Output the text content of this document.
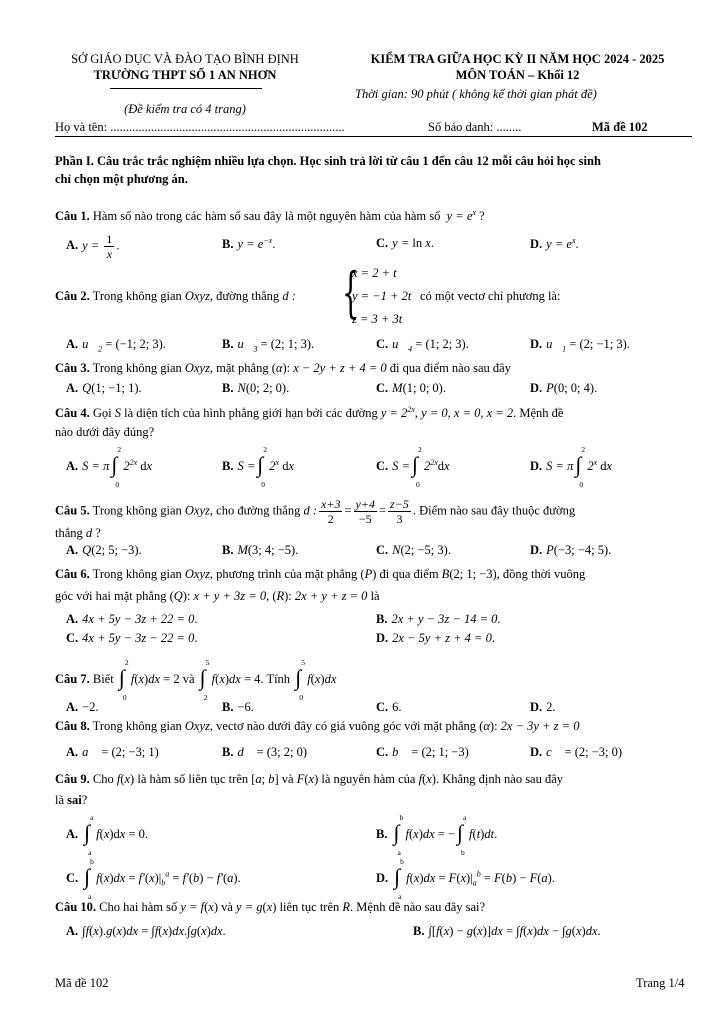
SỞ GIÁO DỤC VÀ ĐÀO TẠO BÌNH ĐỊNH
TRƯỜNG THPT SỐ 1 AN NHƠN
(Đề kiểm tra có 4 trang)
KIỂM TRA GIỮA HỌC KỲ II NĂM HỌC 2024 - 2025
MÔN TOÁN – Khối 12
Thời gian: 90 phút ( không kể thời gian phát đề)
Họ và tên: ...........................................................................	Số báo danh: ........	Mã đề 102
Phần I. Câu trắc trắc nghiệm nhiều lựa chọn. Học sinh trả lời từ câu 1 đến câu 12 mỗi câu hỏi học sinh
chỉ chọn một phương án.
Câu 1. Hàm số nào trong các hàm số sau đây là một nguyên hàm của hàm số  $y = e^x$ ?
A. $y = \frac{1}{x}$ .	B. $y = e^{-x}$.	C. y = ln x.	D. $y = e^x$.
{
x = 2 + t
y = −1 + 2t
z = 3 + 3t
Câu 2. Trong không gian Oxyz, đường thẳng d :	có một vectơ chỉ phương là:
A. $u⃗_2 = (-1$; 2; 3).	B. $u⃗_3 = (2$; 1; 3).	C. $u⃗_4 = (1$; 2; 3).	D. $u⃗_1 = (2$; −1; 3).
Câu 3. Trong không gian Oxyz, mặt phẳng (α): x − 2y + z + 4 = 0 đi qua điểm nào sau đây
A. Q(1; −1; 1).	B. N(0; 2; 0).	C. M(1; 0; 0).	D. P(0; 0; 4).
Câu 4. Gọi S là diện tích của hình phẳng giới hạn bởi các đường $y = 2^{2x}$, y = 0, x = 0, x = 2. Mệnh đề
nào dưới đây đúng?
A. S = π
2
∫
0
$2^{2x}$ dx	B. S =
2
∫
0
2$^x$ dx	C. S =
2
∫
0
$2^{2x}dx$	D. S = π
2
∫
0
2$^x$ dx
Câu 5. Trong không gian Oxyz, cho đường thẳng d : $\frac{x+3}{2} = \frac{y+4}{-5} = \frac{z-5}{3}$ . Điểm nào sau đây thuộc đường
thẳng d ?
A. Q(2; 5; −3).	B. M(3; 4; −5).	C. N(2; −5; 3).	D. P(−3; −4; 5).
Câu 6. Trong không gian Oxyz, phương trình của mặt phẳng (P) đi qua điểm B(2; 1; −3), đồng thời vuông
góc với hai mặt phẳng (Q): x + y + 3z = 0, (R): 2x + y + z = 0 là
A. 4x + 5y − 3z + 22 = 0.	B. 2x + y − 3z − 14 = 0.
C. 4x + 5y − 3z − 22 = 0.	D. 2x − 5y + z + 4 = 0.
Câu 7. Biết
2
∫
0
f(x)dx = 2 và
5
∫
2
f(x)dx = 4. Tính
5
∫
0
f(x)dx
A. −2.	B. −6.	C. 6.	D. 2.
Câu 8. Trong không gian Oxyz, vectơ nào dưới đây có giá vuông góc với mặt phẳng (α): 2x − 3y + z = 0
A. a⃗ = (2; −3; 1)	B. d⃗ = (3; 2; 0)	C. b⃗ = (2; 1; −3)	D. c⃗ = (2; −3; 0)
Câu 9. Cho f(x) là hàm số liên tục trên [a; b] và F(x) là nguyên hàm của f(x). Khẳng định nào sau đây
là sai?
A.
a
∫
a
f(x)dx = 0.	B.
b
∫
a
f(x)dx = −
a
∫
b
f(t)dt.
C.
b
∫
a
$f(x)dx = f'(x)|_b^a = f'(b) - f'(a)$.	D.
b
∫
a
$f(x)dx = F(x)|_a^b = F(b) - F(a)$.
Câu 10. Cho hai hàm số y = f(x) và y = g(x) liên tục trên R. Mệnh đề nào sau đây sai?
A. ∫f(x).g(x)dx = ∫f(x)dx.∫g(x)dx.	B. ∫[f(x) − g(x)]dx = ∫f(x)dx − ∫g(x)dx.
Mã đề 102	Trang 1/4
